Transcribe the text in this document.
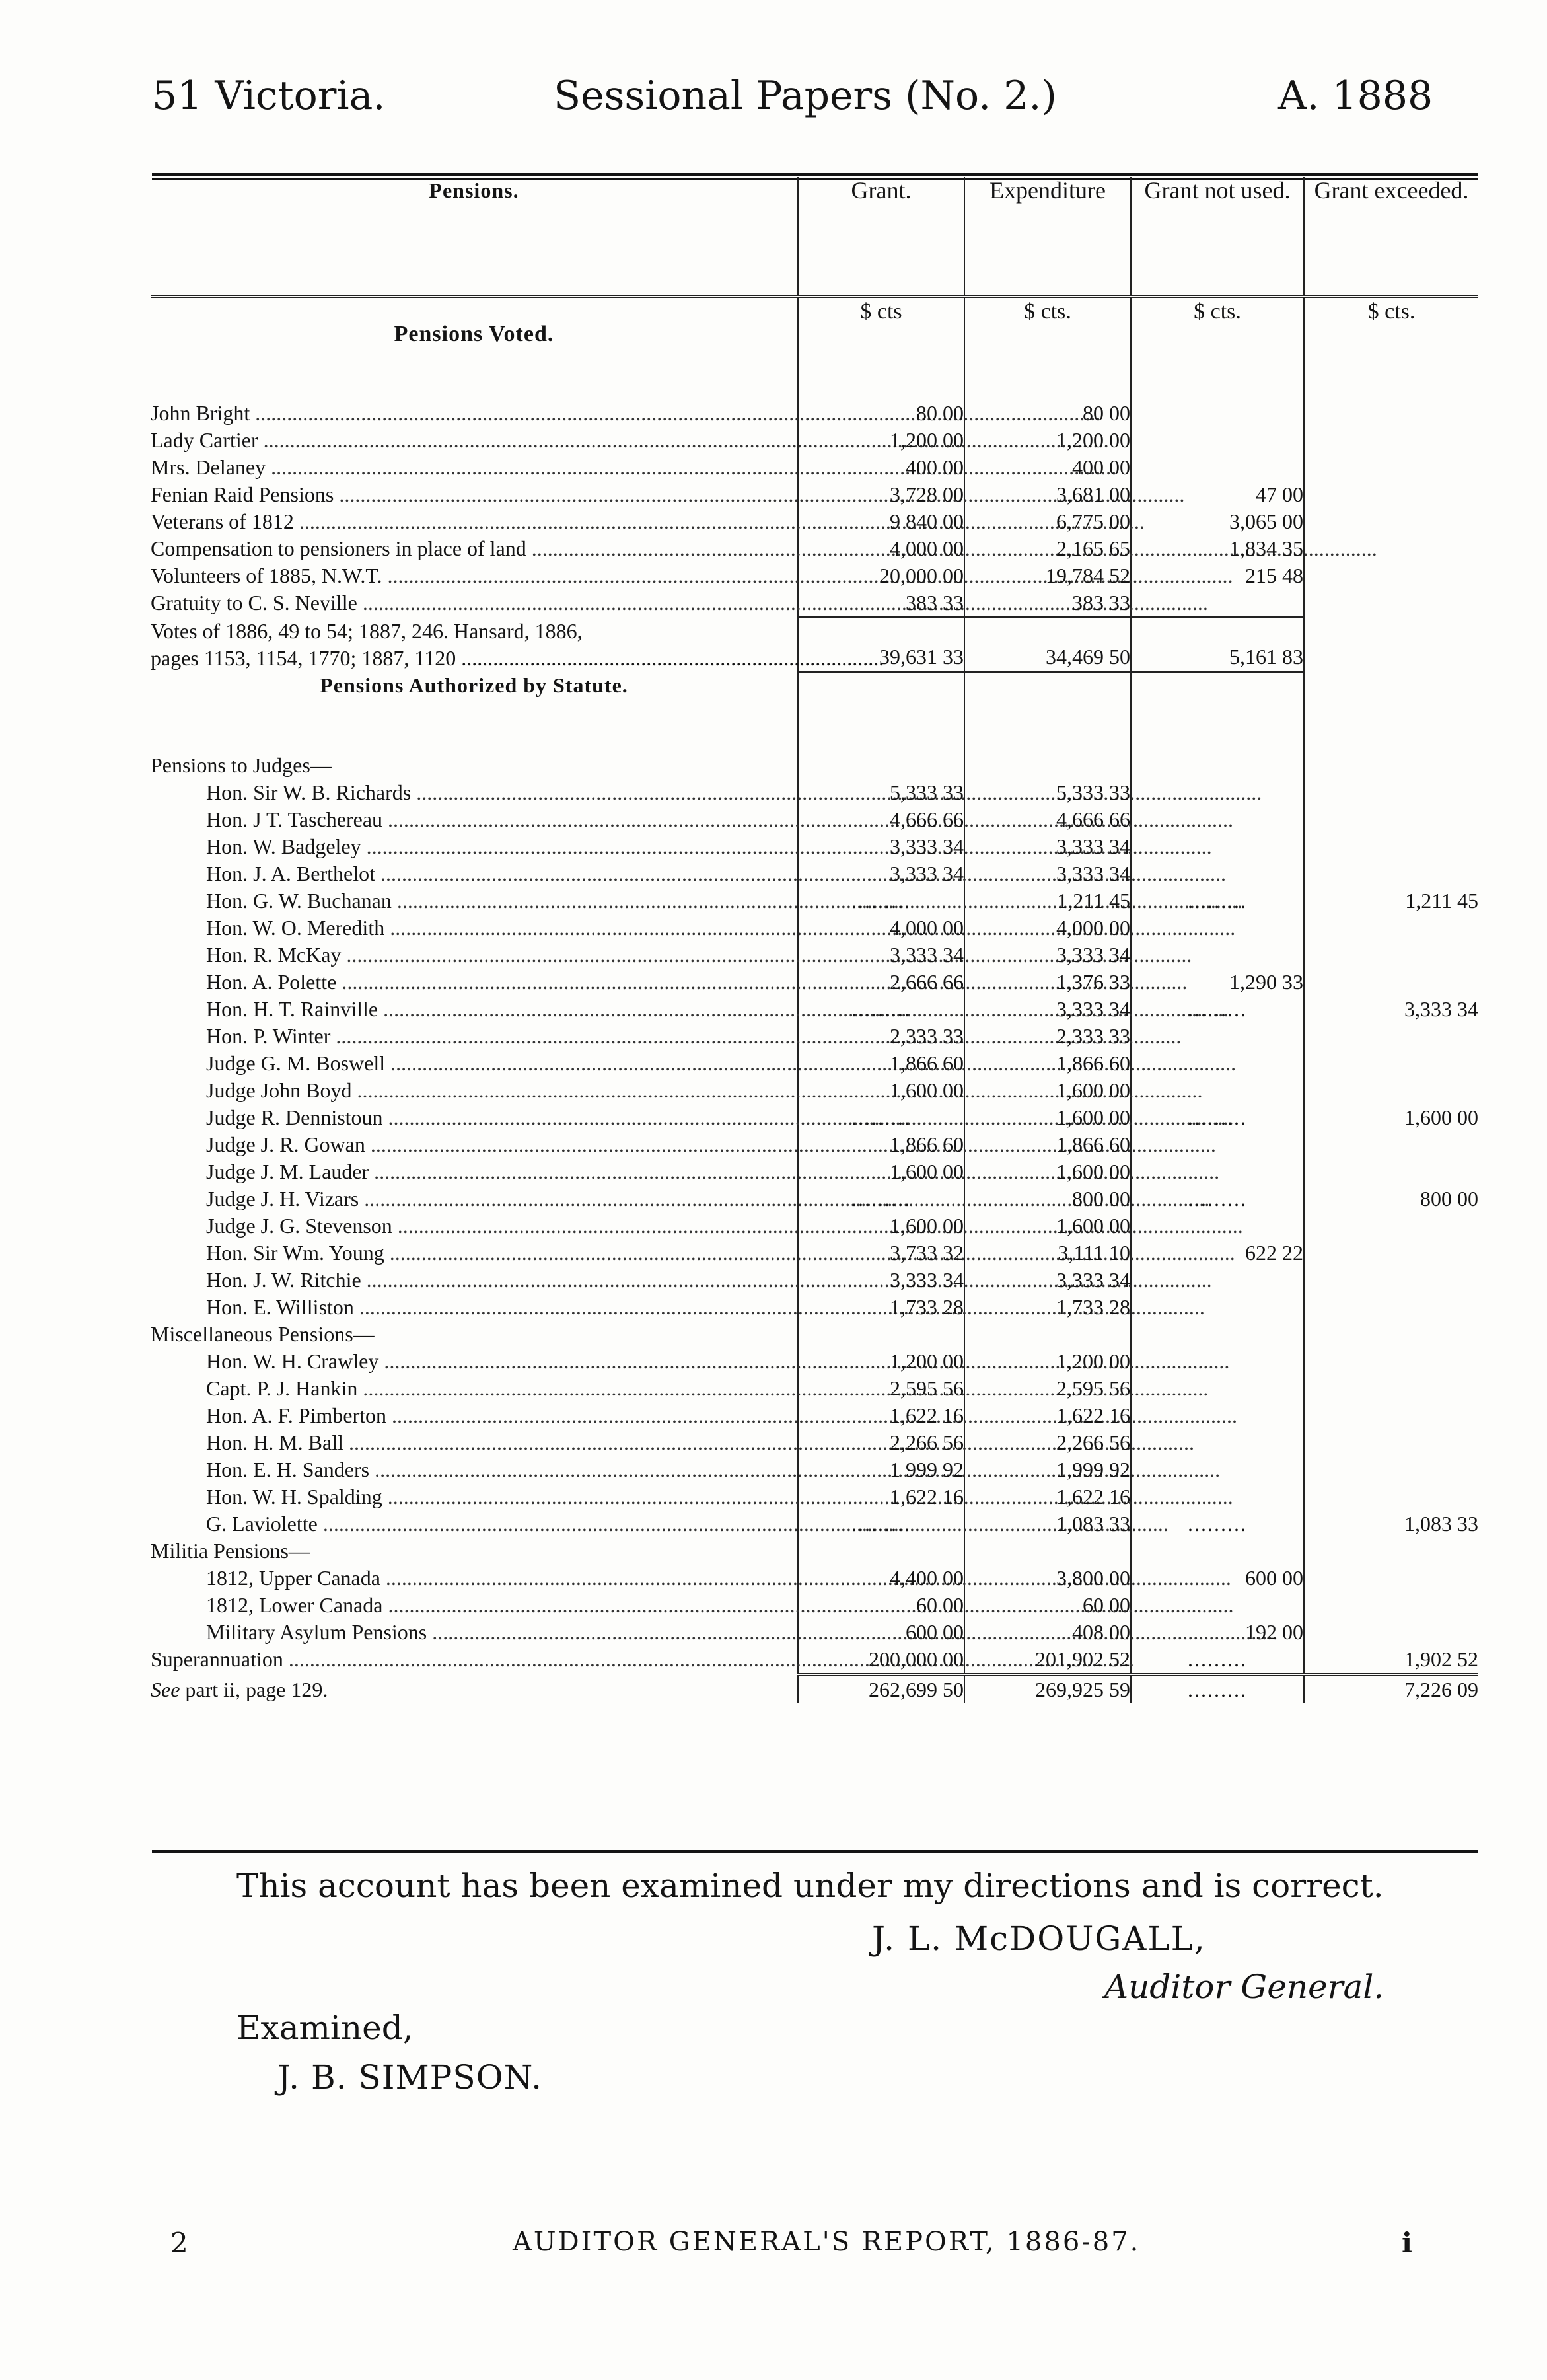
51 Victoria.	Sessional Papers (No. 2.)	A. 1888
Pensions.	Grant.	Expenditure	Grant not used.	Grant exceeded.
Pensions Voted.	$ cts	$ cts.	$ cts.	$ cts.

John Bright .....	80 00	80 00		
Lady Cartier .....	1,200 00	1,200 00		
Mrs. Delaney .....	400 00	400 00		
Fenian Raid Pensions .....	3,728 00	3,681 00	47 00	
Veterans of 1812 .....	9 840 00	6,775 00	3,065 00	
Compensation to pensioners in place of land .....	4,000 00	2,165 65	1,834 35	
Volunteers of 1885, N.W.T. .....	20,000 00	19,784 52	215 48	
Gratuity to C. S. Neville .....	383 33	383 33		

Votes of 1886, 49 to 54; 1887, 246. Hansard, 1886,
pages 1153, 1154, 1770; 1887, 1120 ................................................................................	39,631 33	34,469 50	5,161 83	
Pensions Authorized by Statute.				
Pensions to Judges—				
Hon. Sir W. B. Richards .....	5,333 33	5,333 33		
Hon. J T. Taschereau .....	4,666 66	4,666 66		
Hon. W. Badgeley .....	3,333 34	3,333 34		
Hon. J. A. Berthelot .....	3,333 34	3,333 34		
Hon. G. W. Buchanan .....	.........	1,211 45	.........	1,211 45
Hon. W. O. Meredith .....	4,000 00	4,000 00		
Hon. R. McKay .....	3,333 34	3,333 34		
Hon. A. Polette .....	2,666 66	1,376 33	1,290 33	
Hon. H. T. Rainville .....	.........	3,333 34	.........	3,333 34
Hon. P. Winter .....	2,333 33	2,333 33		
Judge G. M. Boswell .....	1,866 60	1,866 60		
Judge John Boyd .....	1,600 00	1,600 00		
Judge R. Dennistoun .....	.........	1,600 00	.........	1,600 00
Judge J. R. Gowan .....	1,866 60	1,866 60		
Judge J. M. Lauder .....	1,600 00	1,600 00		
Judge J. H. Vizars .....	.........	800 00	.........	800 00
Judge J. G. Stevenson .....	1,600 00	1,600 00		
Hon. Sir Wm. Young .....	3,733 32	3,111 10	622 22	
Hon. J. W. Ritchie .....	3,333 34	3,333 34		
Hon. E. Williston .....	1,733 28	1,733 28		
Miscellaneous Pensions—				
Hon. W. H. Crawley .....	1,200 00	1,200 00		
Capt. P. J. Hankin .....	2,595 56	2,595 56		
Hon. A. F. Pimberton .....	1,622 16	1,622 16		
Hon. H. M. Ball .....	2,266 56	2,266 56		
Hon. E. H. Sanders .....	1 999 92	1,999 92		
Hon. W. H. Spalding .....	1,622 16	1,622 16		
G. Laviolette .....	.........	1,083 33	.........	1,083 33
Militia Pensions—				
1812, Upper Canada .....	4,400 00	3,800 00	600 00	
1812, Lower Canada .....	60 00	60 00		
Military Asylum Pensions .....	600 00	408 00	192 00	
Superannuation .....	200,000 00	201,902 52	.........	1,902 52
See part ii, page 129.	262,699 50	269,925 59	.........	7,226 09
This account has been examined under my directions and is correct.
J. L. McDOUGALL,
Auditor General.
Examined,
J. B. SIMPSON.
2	AUDITOR GENERAL'S REPORT, 1886-87.	i
